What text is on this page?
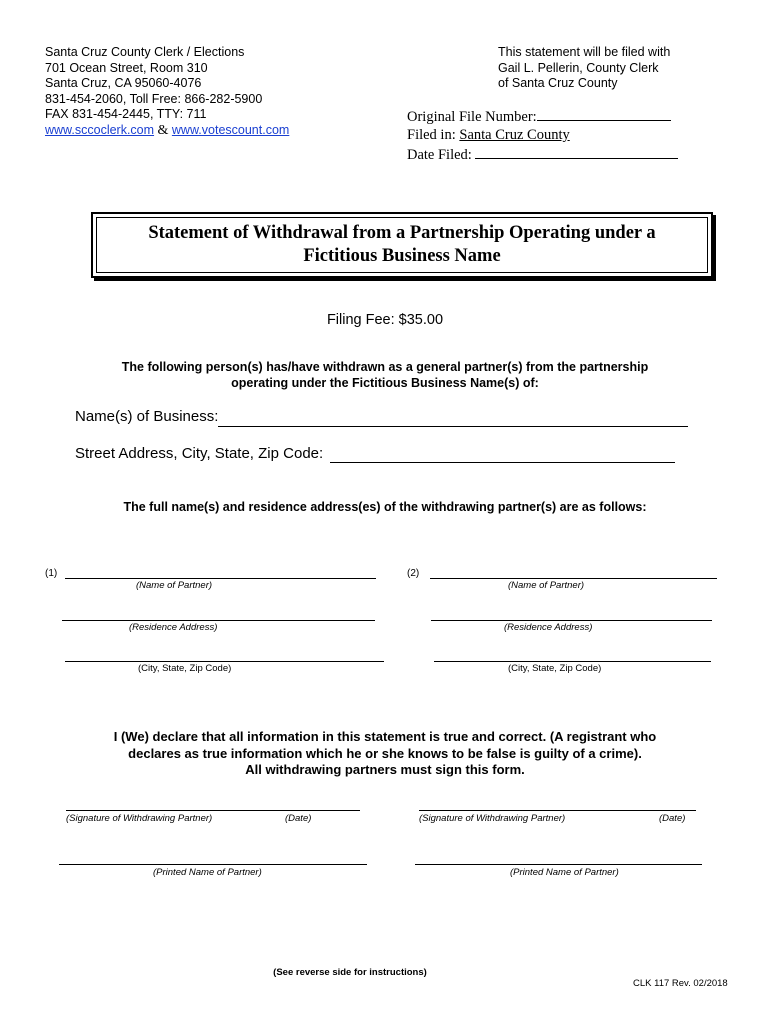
Santa Cruz County Clerk / Elections
701 Ocean Street, Room 310
Santa Cruz, CA 95060-4076
831-454-2060, Toll Free: 866-282-5900
FAX 831-454-2445, TTY: 711
www.sccoclerk.com & www.votescount.com
This statement will be filed with
Gail L. Pellerin, County Clerk
of Santa Cruz County
Original File Number:
Filed in: Santa Cruz County
Date Filed:
Statement of Withdrawal from a Partnership Operating under a Fictitious Business Name
Filing Fee: $35.00
The following person(s) has/have withdrawn as a general partner(s) from the partnership
operating under the Fictitious Business Name(s) of:
Name(s) of Business:
Street Address, City, State, Zip Code:
The full name(s) and residence address(es) of the withdrawing partner(s) are as follows:
(1)
(Name of Partner)
(Residence Address)
(City, State, Zip Code)
(2)
(Name of Partner)
(Residence Address)
(City, State, Zip Code)
I (We) declare that all information in this statement is true and correct. (A registrant who
declares as true information which he or she knows to be false is guilty of a crime).
All withdrawing partners must sign this form.
(Signature of Withdrawing Partner)	(Date)
(Printed Name of Partner)
(Signature of Withdrawing Partner)	(Date)
(Printed Name of Partner)
(See reverse side for instructions)
CLK 117 Rev. 02/2018
